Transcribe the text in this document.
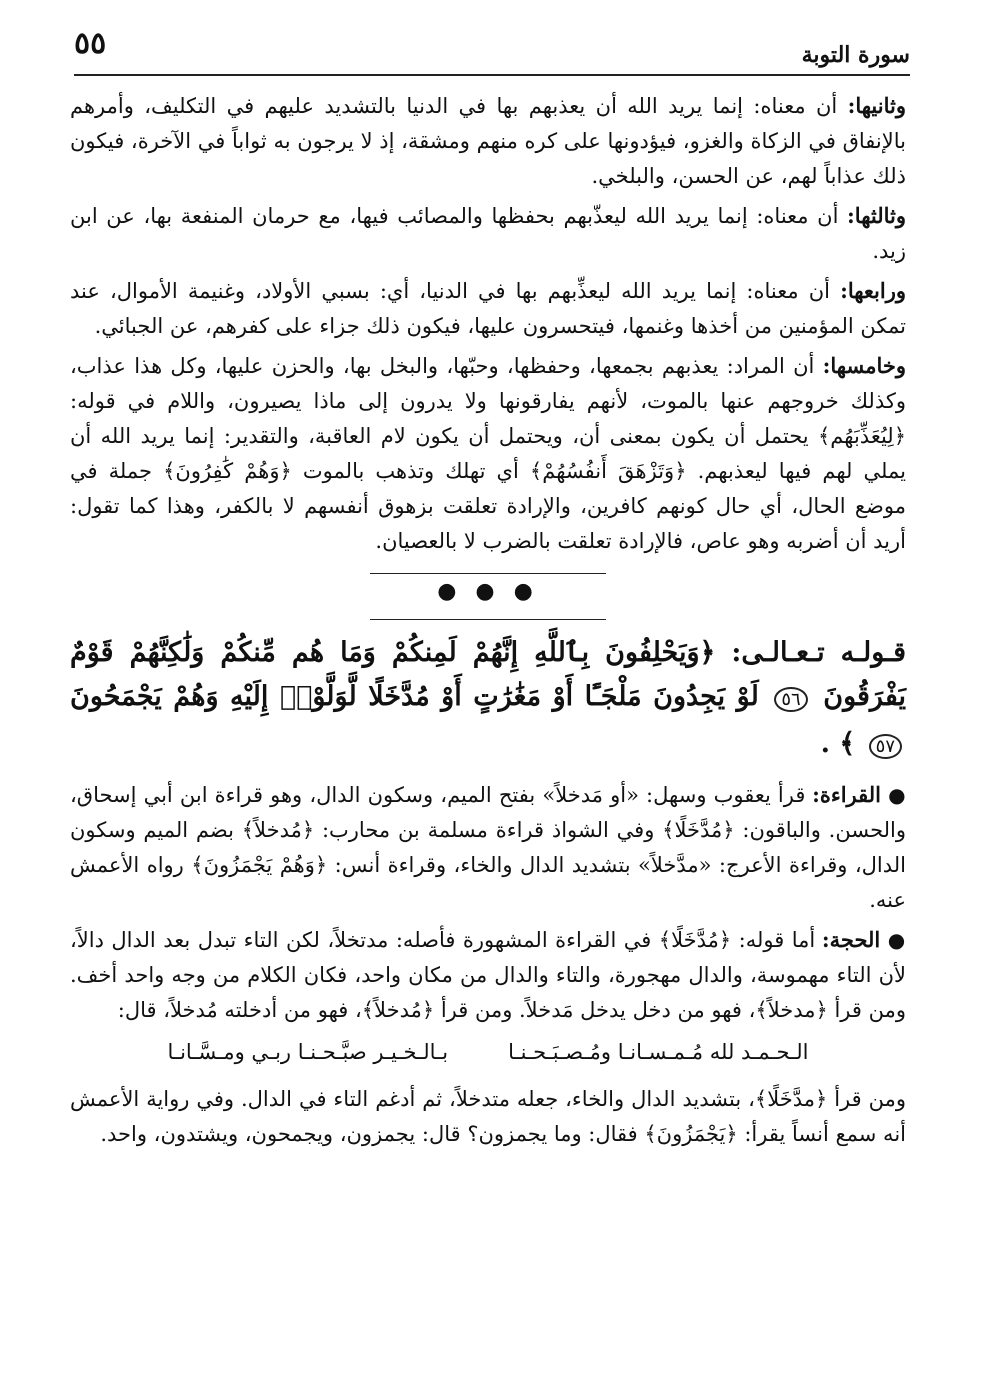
٥٥	سورة التوبة

وثانيها: أن معناه: إنما يريد الله أن يعذبهم بها في الدنيا بالتشديد عليهم في التكليف، وأمرهم بالإنفاق في الزكاة والغزو، فيؤدونها على كره منهم ومشقة، إذ لا يرجون به ثواباً في الآخرة، فيكون ذلك عذاباً لهم، عن الحسن، والبلخي.

وثالثها: أن معناه: إنما يريد الله ليعذّبهم بحفظها والمصائب فيها، مع حرمان المنفعة بها، عن ابن زيد.

ورابعها: أن معناه: إنما يريد الله ليعذِّبهم بها في الدنيا، أي: بسبي الأولاد، وغنيمة الأموال، عند تمكن المؤمنين من أخذها وغنمها، فيتحسرون عليها، فيكون ذلك جزاء على كفرهم، عن الجبائي.

وخامسها: أن المراد: يعذبهم بجمعها، وحفظها، وحبّها، والبخل بها، والحزن عليها، وكل هذا عذاب، وكذلك خروجهم عنها بالموت، لأنهم يفارقونها ولا يدرون إلى ماذا يصيرون، واللام في قوله: ﴿لِيُعَذِّبَهُم﴾ يحتمل أن يكون بمعنى أن، ويحتمل أن يكون لام العاقبة، والتقدير: إنما يريد الله أن يملي لهم فيها ليعذبهم. ﴿وَتَزْهَقَ أَنفُسُهُمْ﴾ أي تهلك وتذهب بالموت ﴿وَهُمْ كَٰفِرُونَ﴾ جملة في موضع الحال، أي حال كونهم كافرين، والإرادة تعلقت بزهوق أنفسهم لا بالكفر، وهذا كما تقول: أريد أن أضربه وهو عاص، فالإرادة تعلقت بالضرب لا بالعصيان.

● ● ●

قـولـه تـعـالـى: ﴿وَيَحْلِفُونَ بِٱللَّهِ إِنَّهُمْ لَمِنكُمْ وَمَا هُم مِّنكُمْ وَلَٰكِنَّهُمْ قَوْمٌ يَفْرَقُونَ ٥٦ لَوْ يَجِدُونَ مَلْجَـًٔا أَوْ مَغَٰرَٰتٍ أَوْ مُدَّخَلًا لَّوَلَّوْا۟ إِلَيْهِ وَهُمْ يَجْمَحُونَ ٥٧ ﴾ .

● القراءة: قرأ يعقوب وسهل: «أو مَدخلاً» بفتح الميم، وسكون الدال، وهو قراءة ابن أبي إسحاق، والحسن. والباقون: ﴿مُدَّخَلًا﴾ وفي الشواذ قراءة مسلمة بن محارب: ﴿مُدخلاً﴾ بضم الميم وسكون الدال، وقراءة الأعرج: «مدَّخلاً» بتشديد الدال والخاء، وقراءة أنس: ﴿وَهُمْ يَجْمَزُونَ﴾ رواه الأعمش عنه.

● الحجة: أما قوله: ﴿مُدَّخَلًا﴾ في القراءة المشهورة فأصله: مدتخلاً، لكن التاء تبدل بعد الدال دالاً، لأن التاء مهموسة، والدال مهجورة، والتاء والدال من مكان واحد، فكان الكلام من وجه واحد أخف. ومن قرأ ﴿مدخلاً﴾، فهو من دخل يدخل مَدخلاً. ومن قرأ ﴿مُدخلاً﴾، فهو من أدخلته مُدخلاً، قال:

الـحـمـد لله مُـمـسـانـا ومُـصـبَـحـنـا
بـالـخـيـر صبَّـحـنـا ربـي ومـسَّـانـا

ومن قرأ ﴿مدَّخَلًا﴾، بتشديد الدال والخاء، جعله متدخلاً، ثم أدغم التاء في الدال. وفي رواية الأعمش أنه سمع أنساً يقرأ: ﴿يَجْمَزُونَ﴾ فقال: وما يجمزون؟ قال: يجمزون، ويجمحون، ويشتدون، واحد.
